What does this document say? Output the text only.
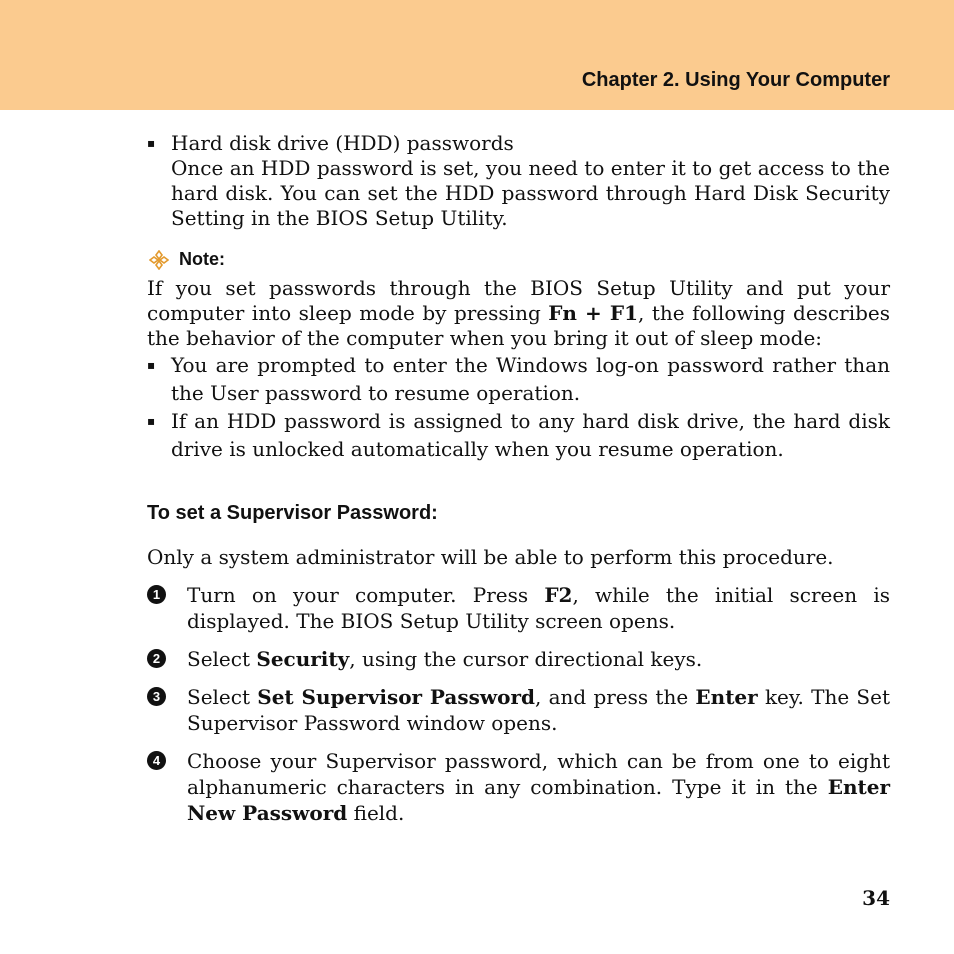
Chapter 2. Using Your Computer
▪ Hard disk drive (HDD) passwords
Once an HDD password is set, you need to enter it to get access to the hard disk. You can set the HDD password through Hard Disk Security Setting in the BIOS Setup Utility.
Note:
If you set passwords through the BIOS Setup Utility and put your computer into sleep mode by pressing Fn + F1, the following describes the behavior of the computer when you bring it out of sleep mode:
▪ You are prompted to enter the Windows log-on password rather than the User password to resume operation.
▪ If an HDD password is assigned to any hard disk drive, the hard disk drive is unlocked automatically when you resume operation.
To set a Supervisor Password:
Only a system administrator will be able to perform this procedure.
1 Turn on your computer. Press F2, while the initial screen is displayed. The BIOS Setup Utility screen opens.
2 Select Security, using the cursor directional keys.
3 Select Set Supervisor Password, and press the Enter key. The Set Supervisor Password window opens.
4 Choose your Supervisor password, which can be from one to eight alphanumeric characters in any combination. Type it in the Enter New Password field.
34
